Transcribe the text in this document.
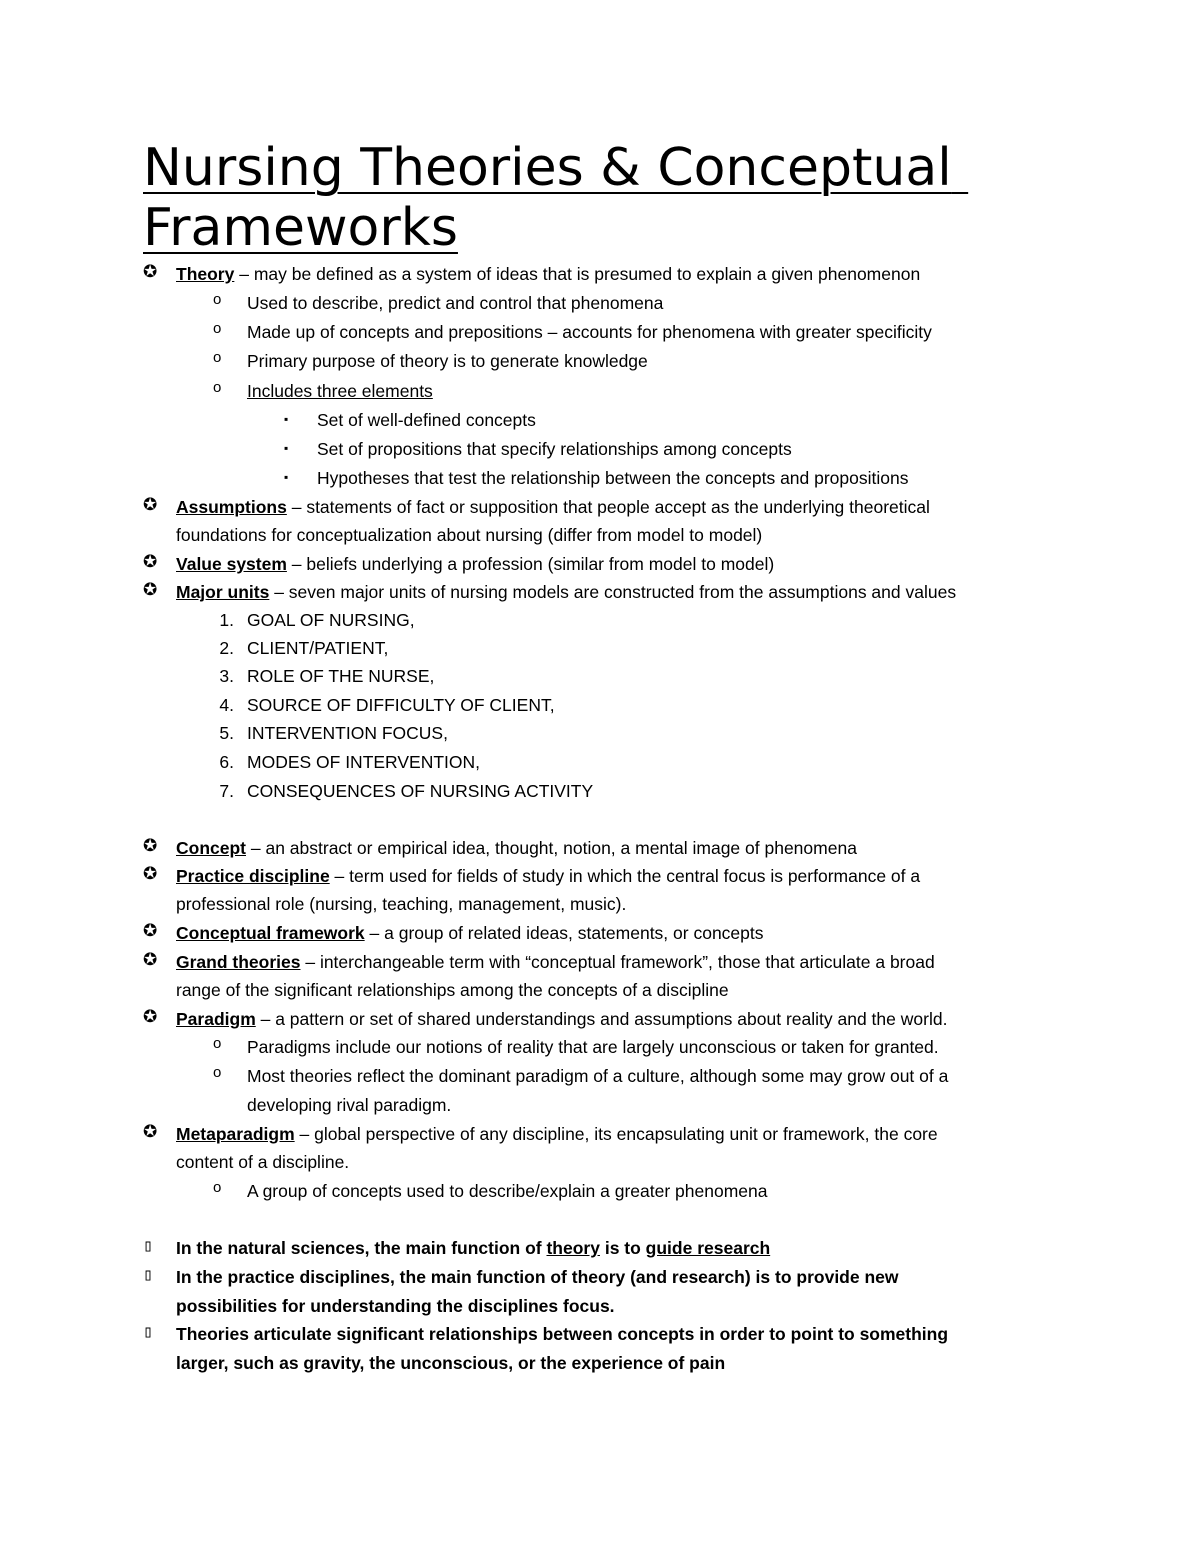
Nursing Theories & Conceptual Frameworks
✪ Theory – may be defined as a system of ideas that is presumed to explain a given phenomenon
o Used to describe, predict and control that phenomena
o Made up of concepts and prepositions – accounts for phenomena with greater specificity
o Primary purpose of theory is to generate knowledge
o Includes three elements
▪ Set of well-defined concepts
▪ Set of propositions that specify relationships among concepts
▪ Hypotheses that test the relationship between the concepts and propositions
✪ Assumptions – statements of fact or supposition that people accept as the underlying theoretical
foundations for conceptualization about nursing (differ from model to model)
✪ Value system – beliefs underlying a profession (similar from model to model)
✪ Major units – seven major units of nursing models are constructed from the assumptions and values
1. GOAL OF NURSING,
2. CLIENT/PATIENT,
3. ROLE OF THE NURSE,
4. SOURCE OF DIFFICULTY OF CLIENT,
5. INTERVENTION FOCUS,
6. MODES OF INTERVENTION,
7. CONSEQUENCES OF NURSING ACTIVITY
✪ Concept – an abstract or empirical idea, thought, notion, a mental image of phenomena
✪ Practice discipline – term used for fields of study in which the central focus is performance of a
professional role (nursing, teaching, management, music).
✪ Conceptual framework – a group of related ideas, statements, or concepts
✪ Grand theories – interchangeable term with “conceptual framework”, those that articulate a broad
range of the significant relationships among the concepts of a discipline
✪ Paradigm – a pattern or set of shared understandings and assumptions about reality and the world.
o Paradigms include our notions of reality that are largely unconscious or taken for granted.
o Most theories reflect the dominant paradigm of a culture, although some may grow out of a
developing rival paradigm.
✪ Metaparadigm – global perspective of any discipline, its encapsulating unit or framework, the core
content of a discipline.
o A group of concepts used to describe/explain a greater phenomena
▯ In the natural sciences, the main function of theory is to guide research
▯ In the practice disciplines, the main function of theory (and research) is to provide new
possibilities for understanding the disciplines focus.
▯ Theories articulate significant relationships between concepts in order to point to something
larger, such as gravity, the unconscious, or the experience of pain
